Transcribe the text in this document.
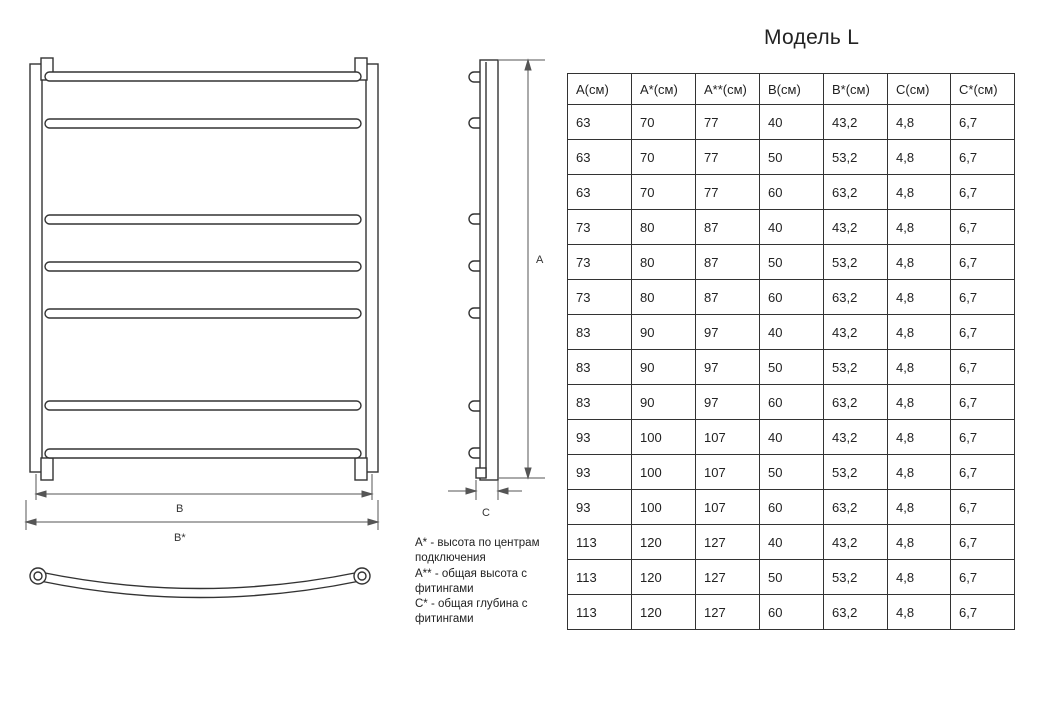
B
B*
A
C
Модель L
A(см)	A*(см)	A**(см)	B(см)	B*(см)	C(см)	C*(см)
63	70	77	40	43,2	4,8	6,7
63	70	77	50	53,2	4,8	6,7
63	70	77	60	63,2	4,8	6,7
73	80	87	40	43,2	4,8	6,7
73	80	87	50	53,2	4,8	6,7
73	80	87	60	63,2	4,8	6,7
83	90	97	40	43,2	4,8	6,7
83	90	97	50	53,2	4,8	6,7
83	90	97	60	63,2	4,8	6,7
93	100	107	40	43,2	4,8	6,7
93	100	107	50	53,2	4,8	6,7
93	100	107	60	63,2	4,8	6,7
113	120	127	40	43,2	4,8	6,7
113	120	127	50	53,2	4,8	6,7
113	120	127	60	63,2	4,8	6,7
A* - высота по центрам
подключения
A** - общая высота с
фитингами
C* - общая глубина с
фитингами
